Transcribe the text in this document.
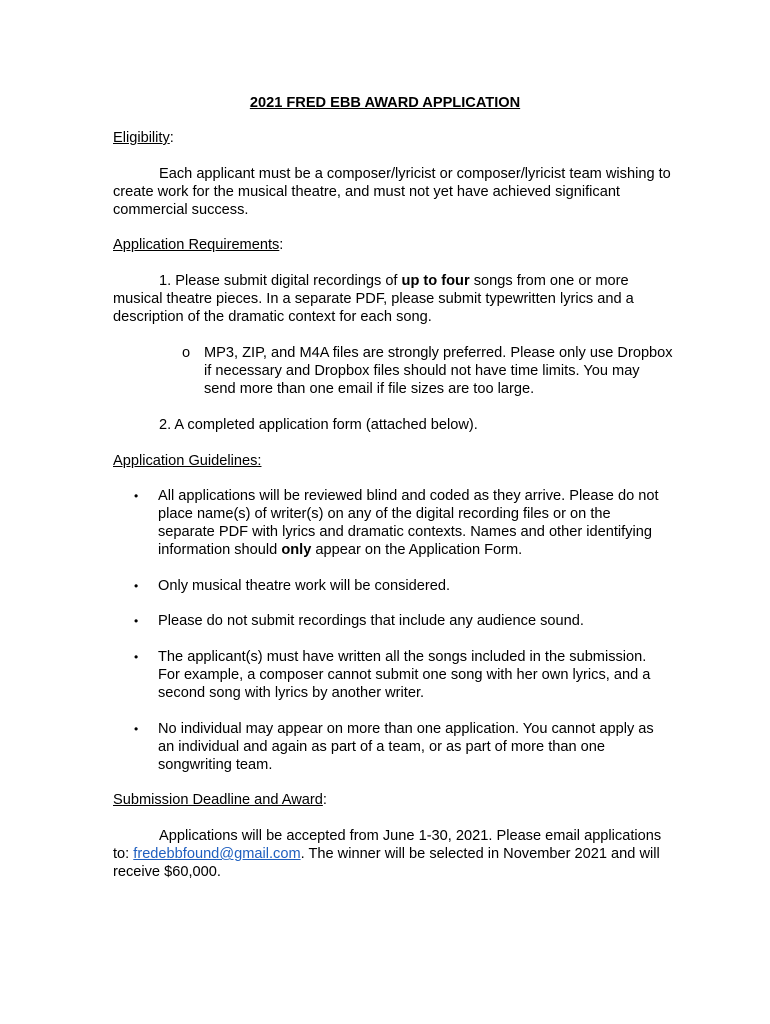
2021 FRED EBB AWARD APPLICATION
Eligibility:
Each applicant must be a composer/lyricist or composer/lyricist team wishing to create work for the musical theatre, and must not yet have achieved significant commercial success.
Application Requirements:
1. Please submit digital recordings of up to four songs from one or more musical theatre pieces. In a separate PDF, please submit typewritten lyrics and a description of the dramatic context for each song.
o MP3, ZIP, and M4A files are strongly preferred. Please only use Dropbox if necessary and Dropbox files should not have time limits. You may send more than one email if file sizes are too large.
2. A completed application form (attached below).
Application Guidelines:
• All applications will be reviewed blind and coded as they arrive. Please do not place name(s) of writer(s) on any of the digital recording files or on the separate PDF with lyrics and dramatic contexts. Names and other identifying information should only appear on the Application Form.
• Only musical theatre work will be considered.
• Please do not submit recordings that include any audience sound.
• The applicant(s) must have written all the songs included in the submission. For example, a composer cannot submit one song with her own lyrics, and a second song with lyrics by another writer.
• No individual may appear on more than one application. You cannot apply as an individual and again as part of a team, or as part of more than one songwriting team.
Submission Deadline and Award:
Applications will be accepted from June 1-30, 2021. Please email applications to: fredebbfound@gmail.com. The winner will be selected in November 2021 and will receive $60,000.
